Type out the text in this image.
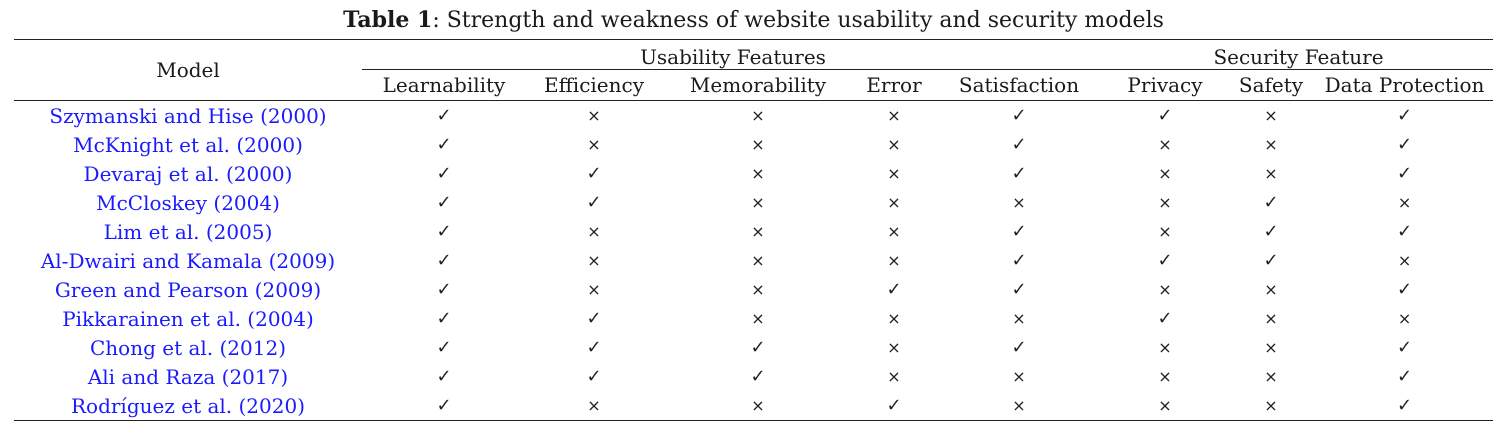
Table 1: Strength and weakness of website usability and security models
Model	Usability Features					Security Feature		
	Learnability	Efficiency	Memorability	Error	Satisfaction	Privacy	Safety	Data Protection
Szymanski and Hise (2000)	✓	×	×	×	✓	✓	×	✓
McKnight et al. (2000)	✓	×	×	×	✓	×	×	✓
Devaraj et al. (2000)	✓	✓	×	×	✓	×	×	✓
McCloskey (2004)	✓	✓	×	×	×	×	✓	×
Lim et al. (2005)	✓	×	×	×	✓	×	✓	✓
Al-Dwairi and Kamala (2009)	✓	×	×	×	✓	✓	✓	×
Green and Pearson (2009)	✓	×	×	✓	✓	×	×	✓
Pikkarainen et al. (2004)	✓	✓	×	×	×	✓	×	×
Chong et al. (2012)	✓	✓	✓	×	✓	×	×	✓
Ali and Raza (2017)	✓	✓	✓	×	×	×	×	✓
Rodríguez et al. (2020)	✓	×	×	✓	×	×	×	✓
